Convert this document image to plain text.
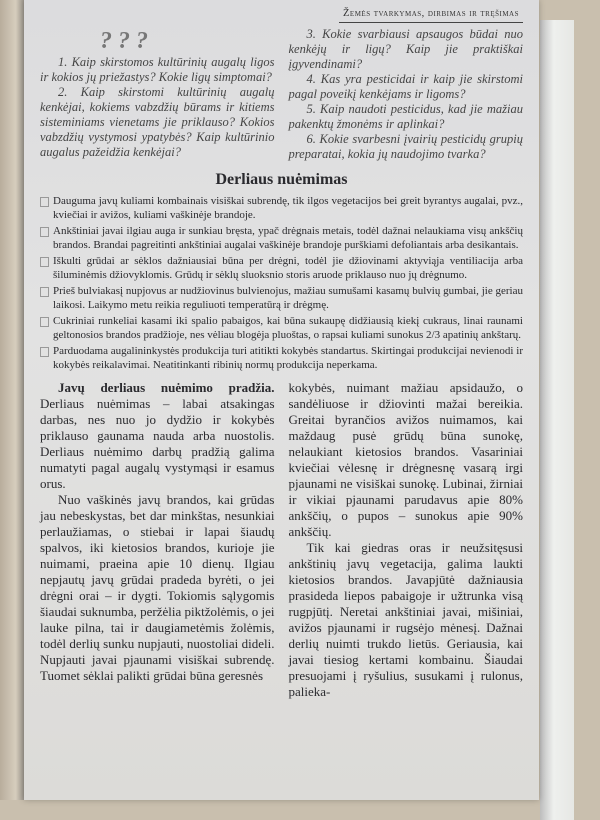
Žemės tvarkymas, dirbimas ir tręšimas
???

1. Kaip skirstomos kultūrinių augalų ligos ir kokios jų priežastys? Kokie ligų simptomai?

2. Kaip skirstomi kultūrinių augalų kenkėjai, kokiems vabzdžių būrams ir kitiems sisteminiams vienetams jie priklauso? Kokios vabzdžių vystymosi ypatybės? Kaip kultūrinio augalus pažeidžia kenkėjai?

3. Kokie svarbiausi apsaugos būdai nuo kenkėjų ir ligų? Kaip jie praktiškai įgyvendinami?

4. Kas yra pesticidai ir kaip jie skirstomi pagal poveikį kenkėjams ir ligoms?

5. Kaip naudoti pesticidus, kad jie mažiau pakenktų žmonėms ir aplinkai?

6. Kokie svarbesni įvairių pesticidų grupių preparatai, kokia jų naudojimo tvarka?

Derliaus nuėmimas
Dauguma javų kuliami kombainais visiškai subrendę, tik ilgos vegetacijos bei greit byrantys augalai, pvz., kviečiai ir avižos, kuliami vaškinėje brandoje.
Ankštiniai javai ilgiau auga ir sunkiau bręsta, ypač drėgnais metais, todėl dažnai nelaukiama visų ankščių brandos. Brandai pagreitinti ankštiniai augalai vaškinėje brandoje purškiami defoliantais arba desikantais.
Iškulti grūdai ar sėklos dažniausiai būna per drėgni, todėl jie džiovinami aktyviąja ventiliacija arba šiluminėmis džiovyklomis. Grūdų ir sėklų sluoksnio storis aruode priklauso nuo jų drėgnumo.
Prieš bulviakasį nupjovus ar nudžiovinus bulvienojus, mažiau sumušami kasamų bulvių gumbai, jie geriau laikosi. Laikymo metu reikia reguliuoti temperatūrą ir drėgmę.
Cukriniai runkeliai kasami iki spalio pabaigos, kai būna sukaupę didžiausią kiekį cukraus, linai raunami geltonosios brandos pradžioje, nes vėliau blogėja pluoštas, o rapsai kuliami sunokus 2/3 apatinių ankštarų.
Parduodama augalininkystės produkcija turi atitikti kokybės standartus. Skirtingai produkcijai nevienodi ir kokybės reikalavimai. Neatitinkanti ribinių normų produkcija neperkama.

Javų derliaus nuėmimo pradžia. Derliaus nuėmimas – labai atsakingas darbas, nes nuo jo dydžio ir kokybės priklauso gaunama nauda arba nuostolis. Derliaus nuėmimo darbų pradžią galima numatyti pagal augalų vystymąsi ir esamus orus.

Nuo vaškinės javų brandos, kai grūdas jau nebeskystas, bet dar minkštas, nesunkiai perlaužiamas, o stiebai ir lapai šiaudų spalvos, iki kietosios brandos, kurioje jie nuimami, praeina apie 10 dienų. Ilgiau nepjautų javų grūdai pradeda byrėti, o jei drėgni orai – ir dygti. Tokiomis sąlygomis šiaudai suknumba, peržėlia piktžolėmis, o jei lauke pilna, tai ir daugiametėmis žolėmis, todėl derlių sunku nupjauti, nuostoliai dideli. Nupjauti javai pjaunami visiškai subrendę. Tuomet sėklai palikti grūdai būna geresnės

kokybės, nuimant mažiau apsidaužo, o sandėliuose ir džiovinti mažai bereikia. Greitai byrančios avižos nuimamos, kai maždaug pusė grūdų būna sunokę, nelaukiant kietosios brandos. Vasariniai kviečiai vėlesnę ir drėgnesnę vasarą irgi pjaunami ne visiškai sunokę. Lubinai, žirniai ir vikiai pjaunami parudavus apie 80% ankščių, o pupos – sunokus apie 90% ankščių.

Tik kai giedras oras ir neužsitęsusi ankštinių javų vegetacija, galima laukti kietosios brandos. Javapjūtė dažniausia prasideda liepos pabaigoje ir užtrunka visą rugpjūtį. Neretai ankštiniai javai, mišiniai, avižos pjaunami ir rugsėjo mėnesį. Dažnai derlių nuimti trukdo lietūs. Geriausia, kai javai tiesiog kertami kombainu. Šiaudai presuojami į ryšulius, susukami į rulonus, palieka-
